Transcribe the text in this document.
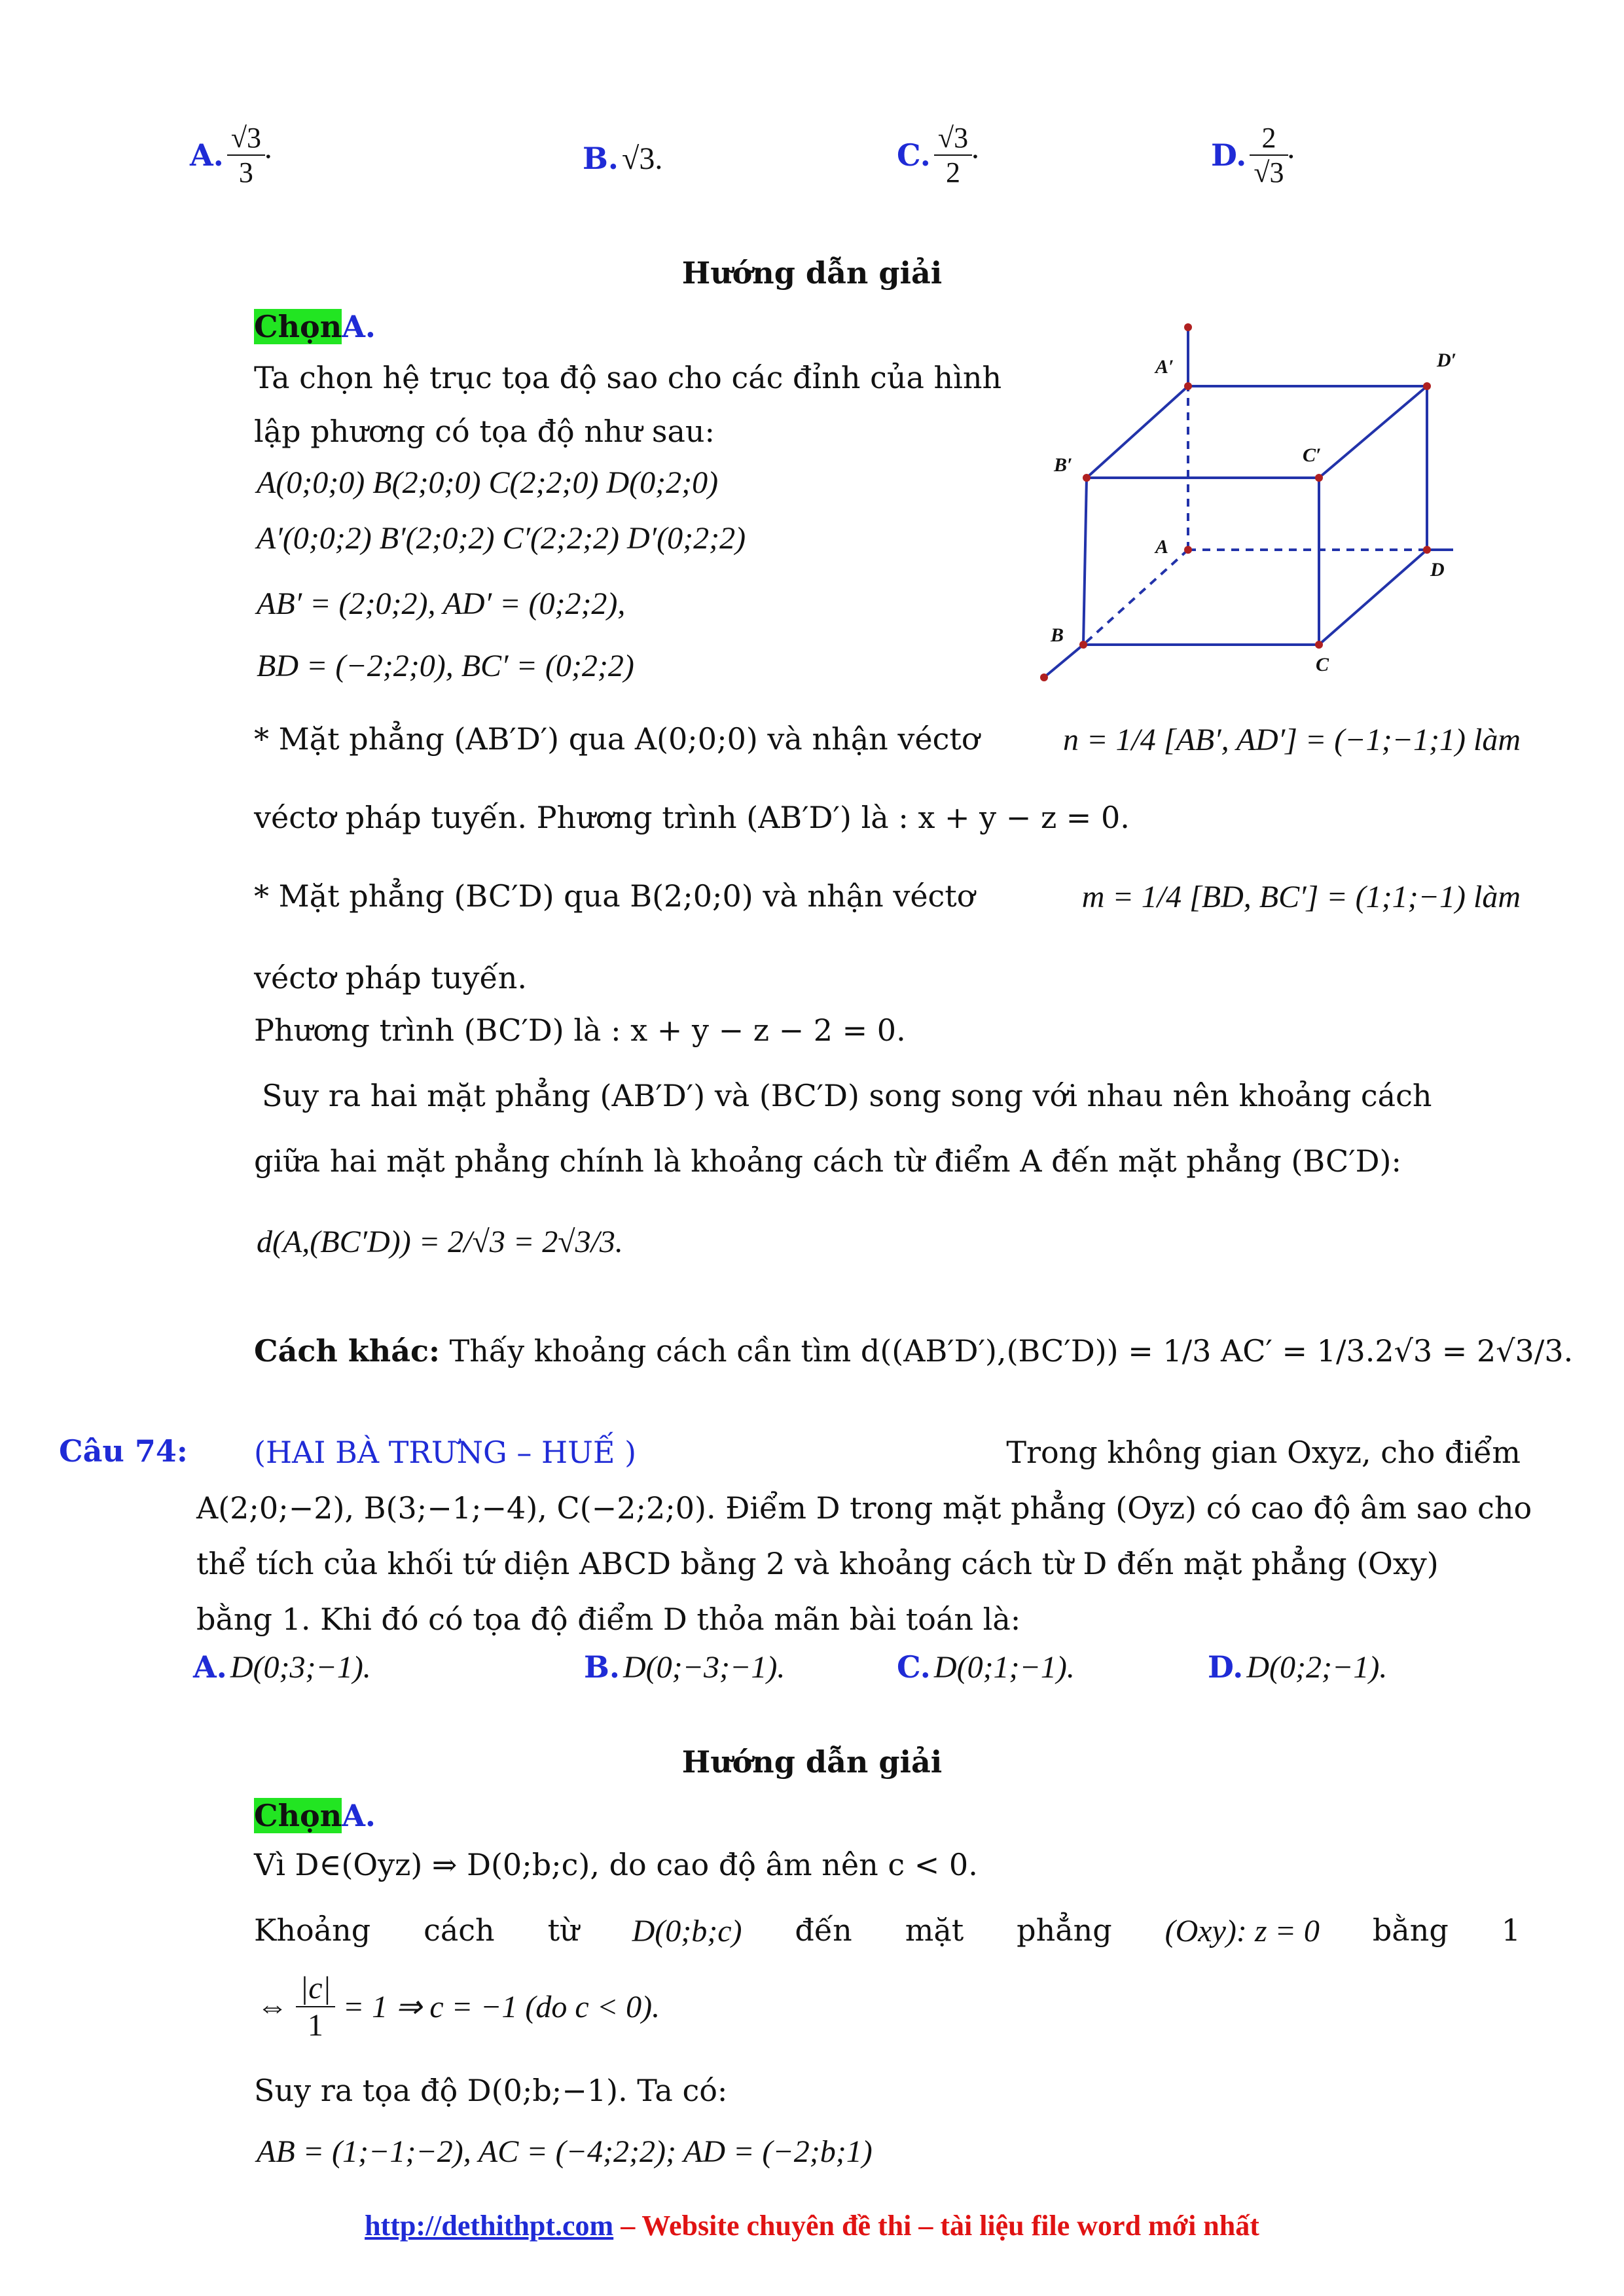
A. $\frac{√3}{3}$ .	B. √3.	C. $\frac{√3}{2}$ .	D. $\frac{2}{√3}$ .
Hướng dẫn giải
ChọnA.
Ta chọn hệ trục tọa độ sao cho các đỉnh của hình
lập phương có tọa độ như sau:
A(0;0;0) B(2;0;0) C(2;2;0) D(0;2;0)
A′(0;0;2) B′(2;0;2) C′(2;2;2) D′(0;2;2)
AB′ = (2;0;2), AD′ = (0;2;2),
BD = (−2;2;0), BC′ = (0;2;2)
A′	D′
B′	C′
A
D
B
C
* Mặt phẳng (AB′D′) qua A(0;0;0) và nhận véctơ	n = 1/4 [AB′, AD′] = (−1;−1;1) làm
véctơ pháp tuyến. Phương trình (AB′D′) là : x + y − z = 0.
* Mặt phẳng (BC′D) qua B(2;0;0) và nhận véctơ	m = 1/4 [BD, BC′] = (1;1;−1) làm
véctơ pháp tuyến.
Phương trình (BC′D) là : x + y − z − 2 = 0.
Suy ra hai mặt phẳng (AB′D′) và (BC′D) song song với nhau nên khoảng cách
giữa hai mặt phẳng chính là khoảng cách từ điểm A đến mặt phẳng (BC′D):
d(A,(BC′D)) = 2/√3 = 2√3/3.
Cách khác: Thấy khoảng cách cần tìm d((AB′D′),(BC′D)) = 1/3 AC′ = 1/3.2√3 = 2√3/3.
Câu 74: (HAI BÀ TRƯNG – HUẾ )	Trong không gian Oxyz, cho điểm
A(2;0;−2), B(3;−1;−4), C(−2;2;0). Điểm D trong mặt phẳng (Oyz) có cao độ âm sao cho
thể tích của khối tứ diện ABCD bằng 2 và khoảng cách từ D đến mặt phẳng (Oxy)
bằng 1. Khi đó có tọa độ điểm D thỏa mãn bài toán là:
A. D(0;3;−1).	B. D(0;−3;−1).	C. D(0;1;−1).	D. D(0;2;−1).
Hướng dẫn giải
ChọnA.
Vì D∈(Oyz) ⇒ D(0;b;c), do cao độ âm nên c < 0.
Khoảng cách từ D(0;b;c) đến mặt phẳng (Oxy): z = 0 bằng 1
⇔ $\frac{|c|}{1} = 1$ ⇒ c = −1 (do c < 0).
Suy ra tọa độ D(0;b;−1). Ta có:
AB = (1;−1;−2), AC = (−4;2;2); AD = (−2;b;1)
http://dethithpt.com – Website chuyên đề thi – tài liệu file word mới nhất
